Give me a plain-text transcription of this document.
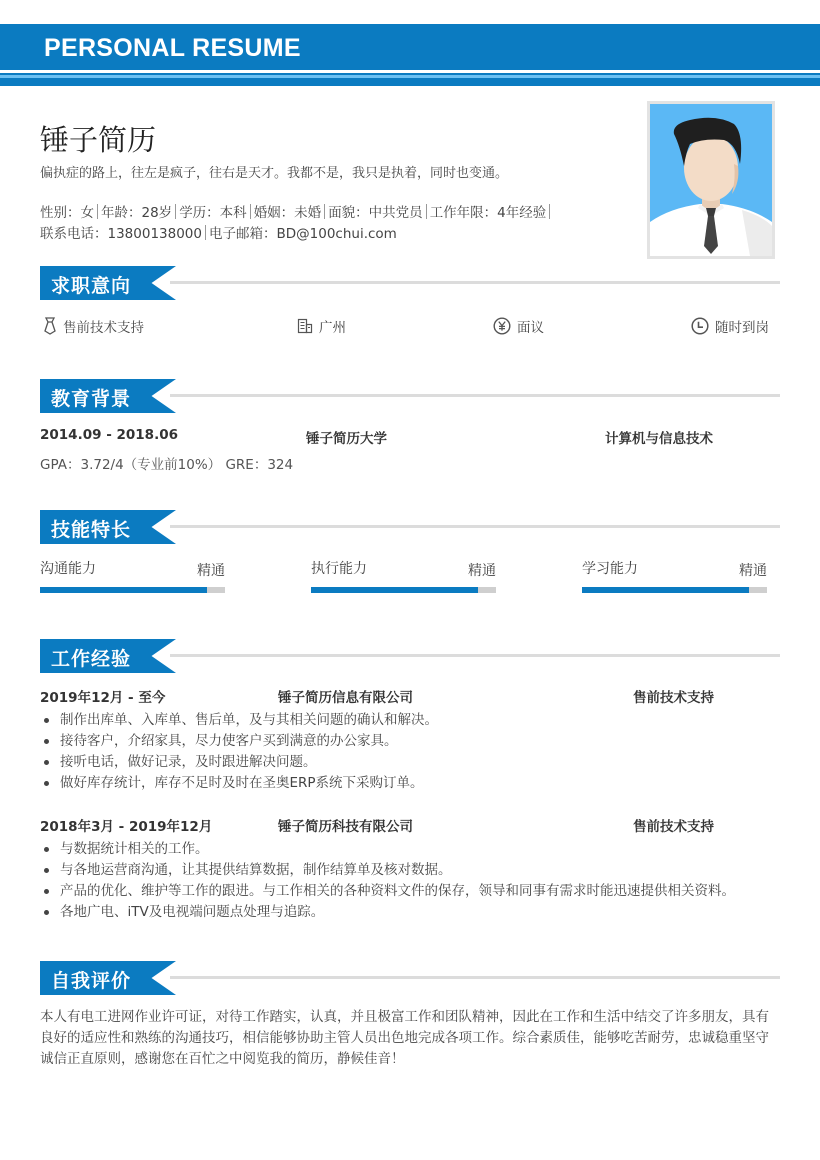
PERSONAL RESUME
锤子简历
偏执症的路上，往左是疯子，往右是天才。我都不是，我只是执着，同时也变通。
性别：女 年龄：28岁 学历：本科 婚姻：未婚 面貌：中共党员 工作年限：4年经验
联系电话：13800138000 电子邮箱：BD@100chui.com
求职意向
售前技术支持	广州	面议	随时到岗
教育背景
2014.09 - 2018.06	锤子简历大学	计算机与信息技术
GPA：3.72/4（专业前10%） GRE：324
技能特长
沟通能力	精通	执行能力	精通	学习能力	精通
工作经验
2019年12月 - 至今	锤子简历信息有限公司	售前技术支持
制作出库单、入库单、售后单，及与其相关问题的确认和解决。
接待客户，介绍家具，尽力使客户买到满意的办公家具。
接听电话，做好记录，及时跟进解决问题。
做好库存统计，库存不足时及时在圣奥ERP系统下采购订单。
2018年3月 - 2019年12月	锤子简历科技有限公司	售前技术支持
与数据统计相关的工作。
与各地运营商沟通，让其提供结算数据，制作结算单及核对数据。
产品的优化、维护等工作的跟进。与工作相关的各种资料文件的保存，领导和同事有需求时能迅速提供相关资料。
各地广电、iTV及电视端问题点处理与追踪。
自我评价
本人有电工进网作业许可证，对待工作踏实，认真，并且极富工作和团队精神，因此在工作和生活中结交了许多朋友，具有良好的适应性和熟练的沟通技巧，相信能够协助主管人员出色地完成各项工作。综合素质佳，能够吃苦耐劳，忠诚稳重坚守诚信正直原则，感谢您在百忙之中阅览我的简历，静候佳音！
